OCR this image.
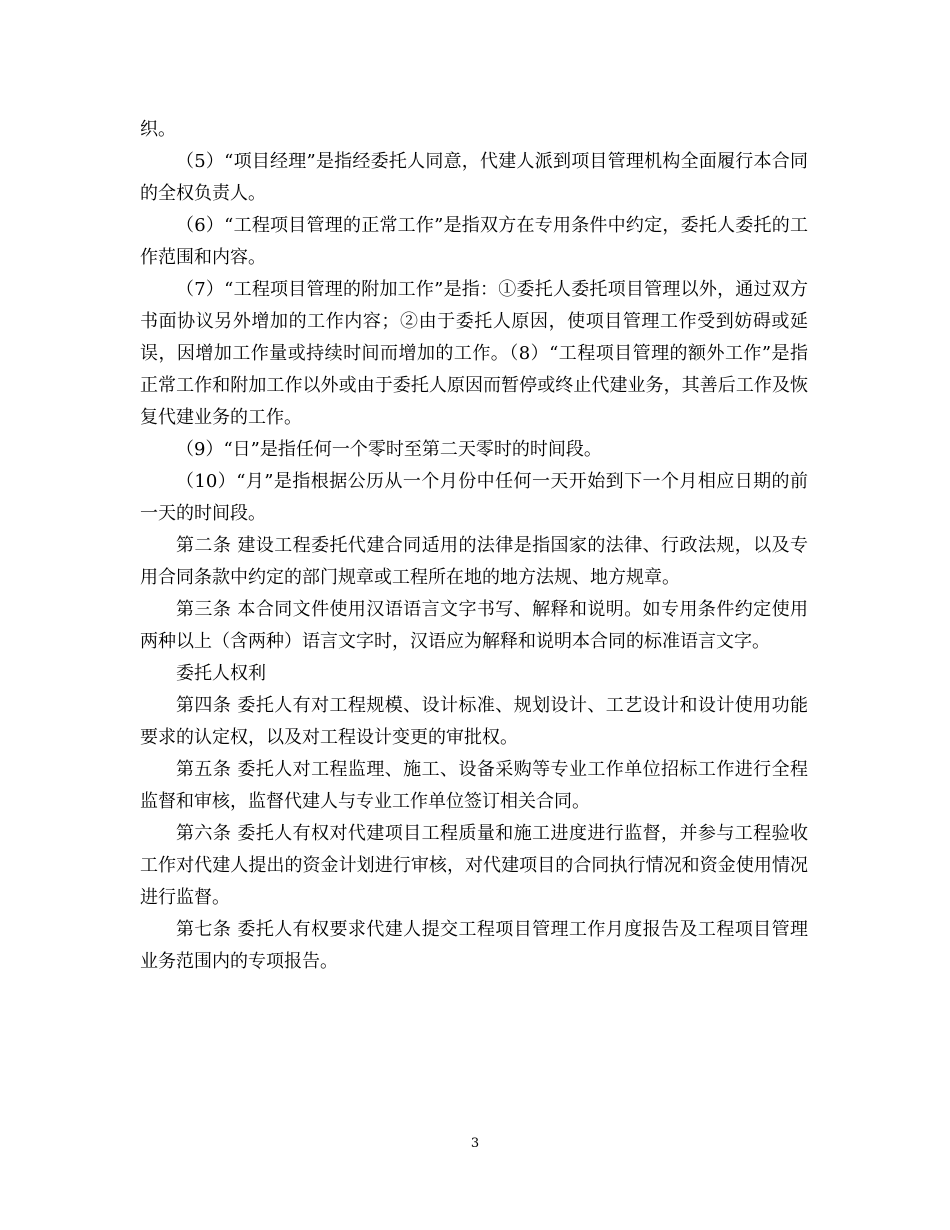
织。

（5）“项目经理”是指经委托人同意，代建人派到项目管理机构全面履行本合同的全权负责人。

（6）“工程项目管理的正常工作”是指双方在专用条件中约定，委托人委托的工作范围和内容。

（7）“工程项目管理的附加工作”是指：①委托人委托项目管理以外，通过双方书面协议另外增加的工作内容；②由于委托人原因，使项目管理工作受到妨碍或延误，因增加工作量或持续时间而增加的工作。（8）“工程项目管理的额外工作”是指正常工作和附加工作以外或由于委托人原因而暂停或终止代建业务，其善后工作及恢复代建业务的工作。

（9）“日”是指任何一个零时至第二天零时的时间段。

（10）“月”是指根据公历从一个月份中任何一天开始到下一个月相应日期的前一天的时间段。

第二条 建设工程委托代建合同适用的法律是指国家的法律、行政法规，以及专用合同条款中约定的部门规章或工程所在地的地方法规、地方规章。

第三条 本合同文件使用汉语语言文字书写、解释和说明。如专用条件约定使用两种以上（含两种）语言文字时，汉语应为解释和说明本合同的标准语言文字。

委托人权利

第四条 委托人有对工程规模、设计标准、规划设计、工艺设计和设计使用功能要求的认定权，以及对工程设计变更的审批权。

第五条 委托人对工程监理、施工、设备采购等专业工作单位招标工作进行全程监督和审核，监督代建人与专业工作单位签订相关合同。

第六条 委托人有权对代建项目工程质量和施工进度进行监督，并参与工程验收工作对代建人提出的资金计划进行审核，对代建项目的合同执行情况和资金使用情况进行监督。

第七条 委托人有权要求代建人提交工程项目管理工作月度报告及工程项目管理业务范围内的专项报告。

3
